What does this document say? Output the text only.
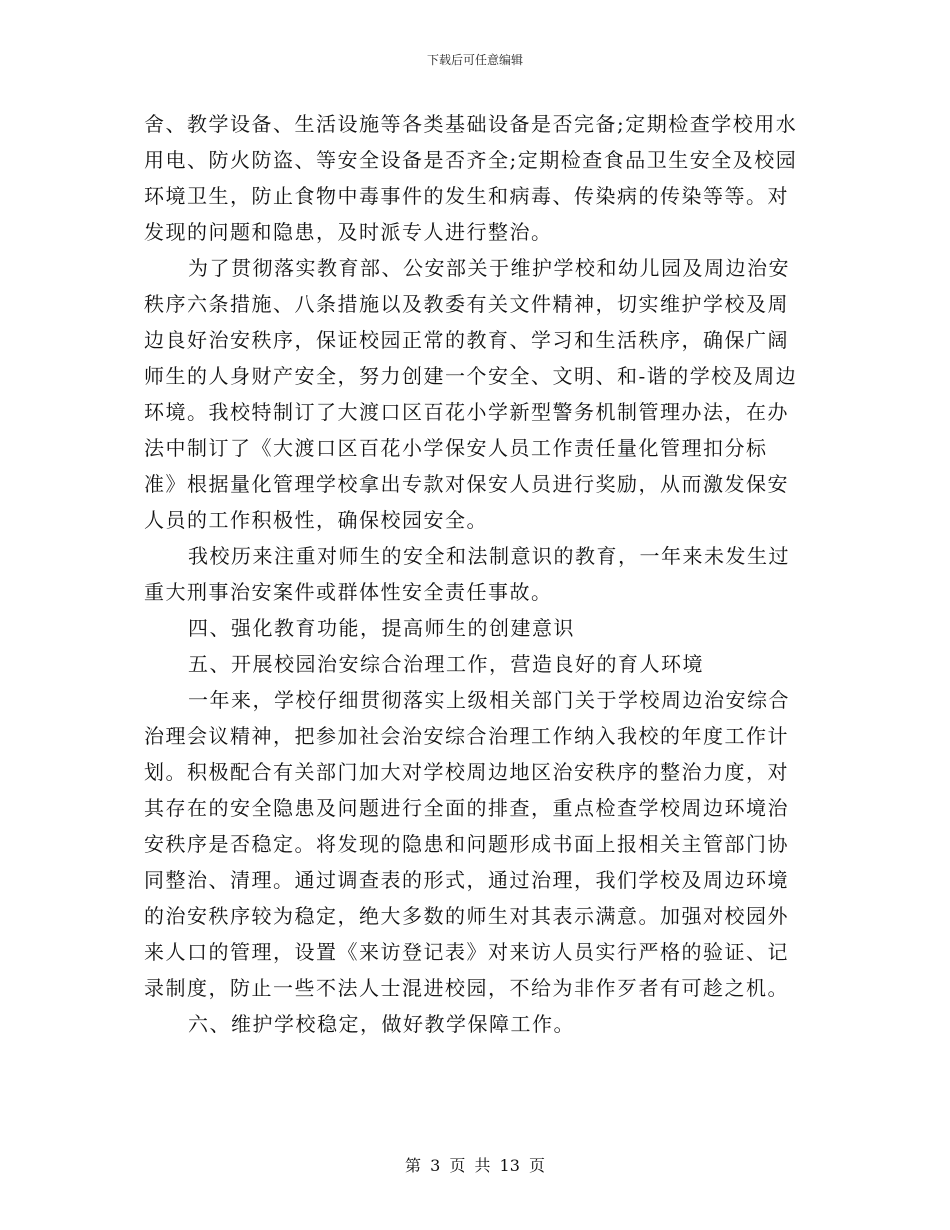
下载后可任意编辑
舍、教学设备、生活设施等各类基础设备是否完备;定期检查学校用水
用电、防火防盗、等安全设备是否齐全;定期检查食品卫生安全及校园
环境卫生，防止食物中毒事件的发生和病毒、传染病的传染等等。对
发现的问题和隐患，及时派专人进行整治。
为了贯彻落实教育部、公安部关于维护学校和幼儿园及周边治安
秩序六条措施、八条措施以及教委有关文件精神，切实维护学校及周
边良好治安秩序，保证校园正常的教育、学习和生活秩序，确保广阔
师生的人身财产安全，努力创建一个安全、文明、和-谐的学校及周边
环境。我校特制订了大渡口区百花小学新型警务机制管理办法，在办
法中制订了《大渡口区百花小学保安人员工作责任量化管理扣分标
准》根据量化管理学校拿出专款对保安人员进行奖励，从而激发保安
人员的工作积极性，确保校园安全。
我校历来注重对师生的安全和法制意识的教育，一年来未发生过
重大刑事治安案件或群体性安全责任事故。
四、强化教育功能，提高师生的创建意识
五、开展校园治安综合治理工作，营造良好的育人环境
一年来，学校仔细贯彻落实上级相关部门关于学校周边治安综合
治理会议精神，把参加社会治安综合治理工作纳入我校的年度工作计
划。积极配合有关部门加大对学校周边地区治安秩序的整治力度，对
其存在的安全隐患及问题进行全面的排查，重点检查学校周边环境治
安秩序是否稳定。将发现的隐患和问题形成书面上报相关主管部门协
同整治、清理。通过调查表的形式，通过治理，我们学校及周边环境
的治安秩序较为稳定，绝大多数的师生对其表示满意。加强对校园外
来人口的管理，设置《来访登记表》对来访人员实行严格的验证、记
录制度，防止一些不法人士混进校园，不给为非作歹者有可趁之机。
六、维护学校稳定，做好教学保障工作。
第 3 页 共 13 页
